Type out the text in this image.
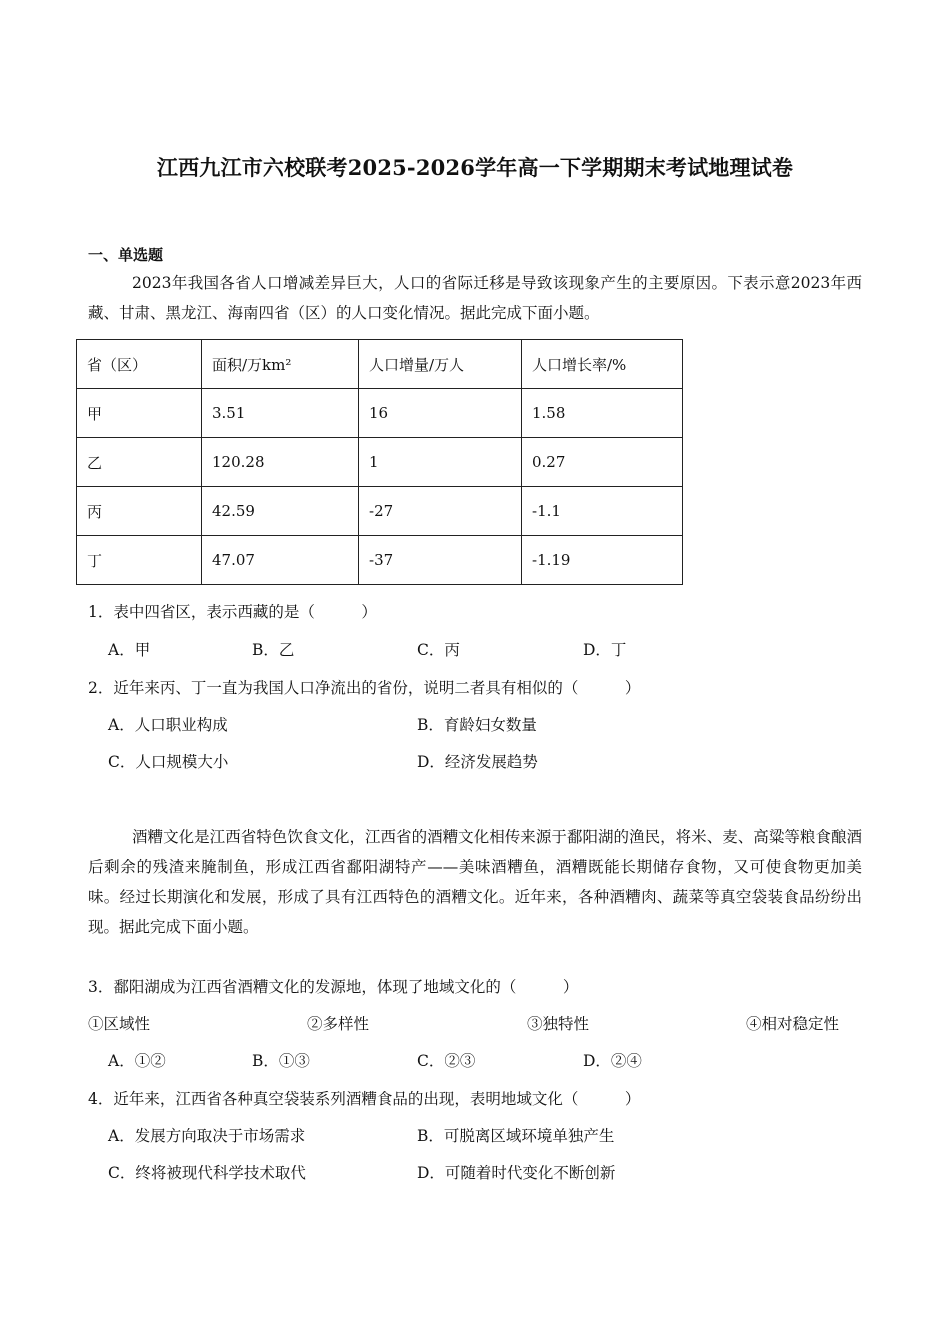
江西九江市六校联考2025-2026学年高一下学期期末考试地理试卷
一、单选题

2023年我国各省人口增减差异巨大，人口的省际迁移是导致该现象产生的主要原因。下表示意2023年西藏、甘肃、黑龙江、海南四省（区）的人口变化情况。据此完成下面小题。

省（区）	面积/万km²	人口增量/万人	人口增长率/%
甲	3.51	16	1.58
乙	120.28	1	0.27
丙	42.59	-27	-1.1
丁	47.07	-37	-1.19
1．表中四省区，表示西藏的是（　　　）
A．甲	B．乙	C．丙	D．丁
2．近年来丙、丁一直为我国人口净流出的省份，说明二者具有相似的（　　　）
A．人口职业构成	B．育龄妇女数量
C．人口规模大小	D．经济发展趋势

酒糟文化是江西省特色饮食文化，江西省的酒糟文化相传来源于鄱阳湖的渔民，将米、麦、高粱等粮食酿酒后剩余的残渣来腌制鱼，形成江西省鄱阳湖特产——美味酒糟鱼，酒糟既能长期储存食物，又可使食物更加美味。经过长期演化和发展，形成了具有江西特色的酒糟文化。近年来，各种酒糟肉、蔬菜等真空袋装食品纷纷出现。据此完成下面小题。

3．鄱阳湖成为江西省酒糟文化的发源地，体现了地域文化的（　　　）
①区域性	②多样性	③独特性	④相对稳定性
A．①②	B．①③	C．②③	D．②④
4．近年来，江西省各种真空袋装系列酒糟食品的出现，表明地域文化（　　　）
A．发展方向取决于市场需求	B．可脱离区域环境单独产生
C．终将被现代科学技术取代	D．可随着时代变化不断创新
